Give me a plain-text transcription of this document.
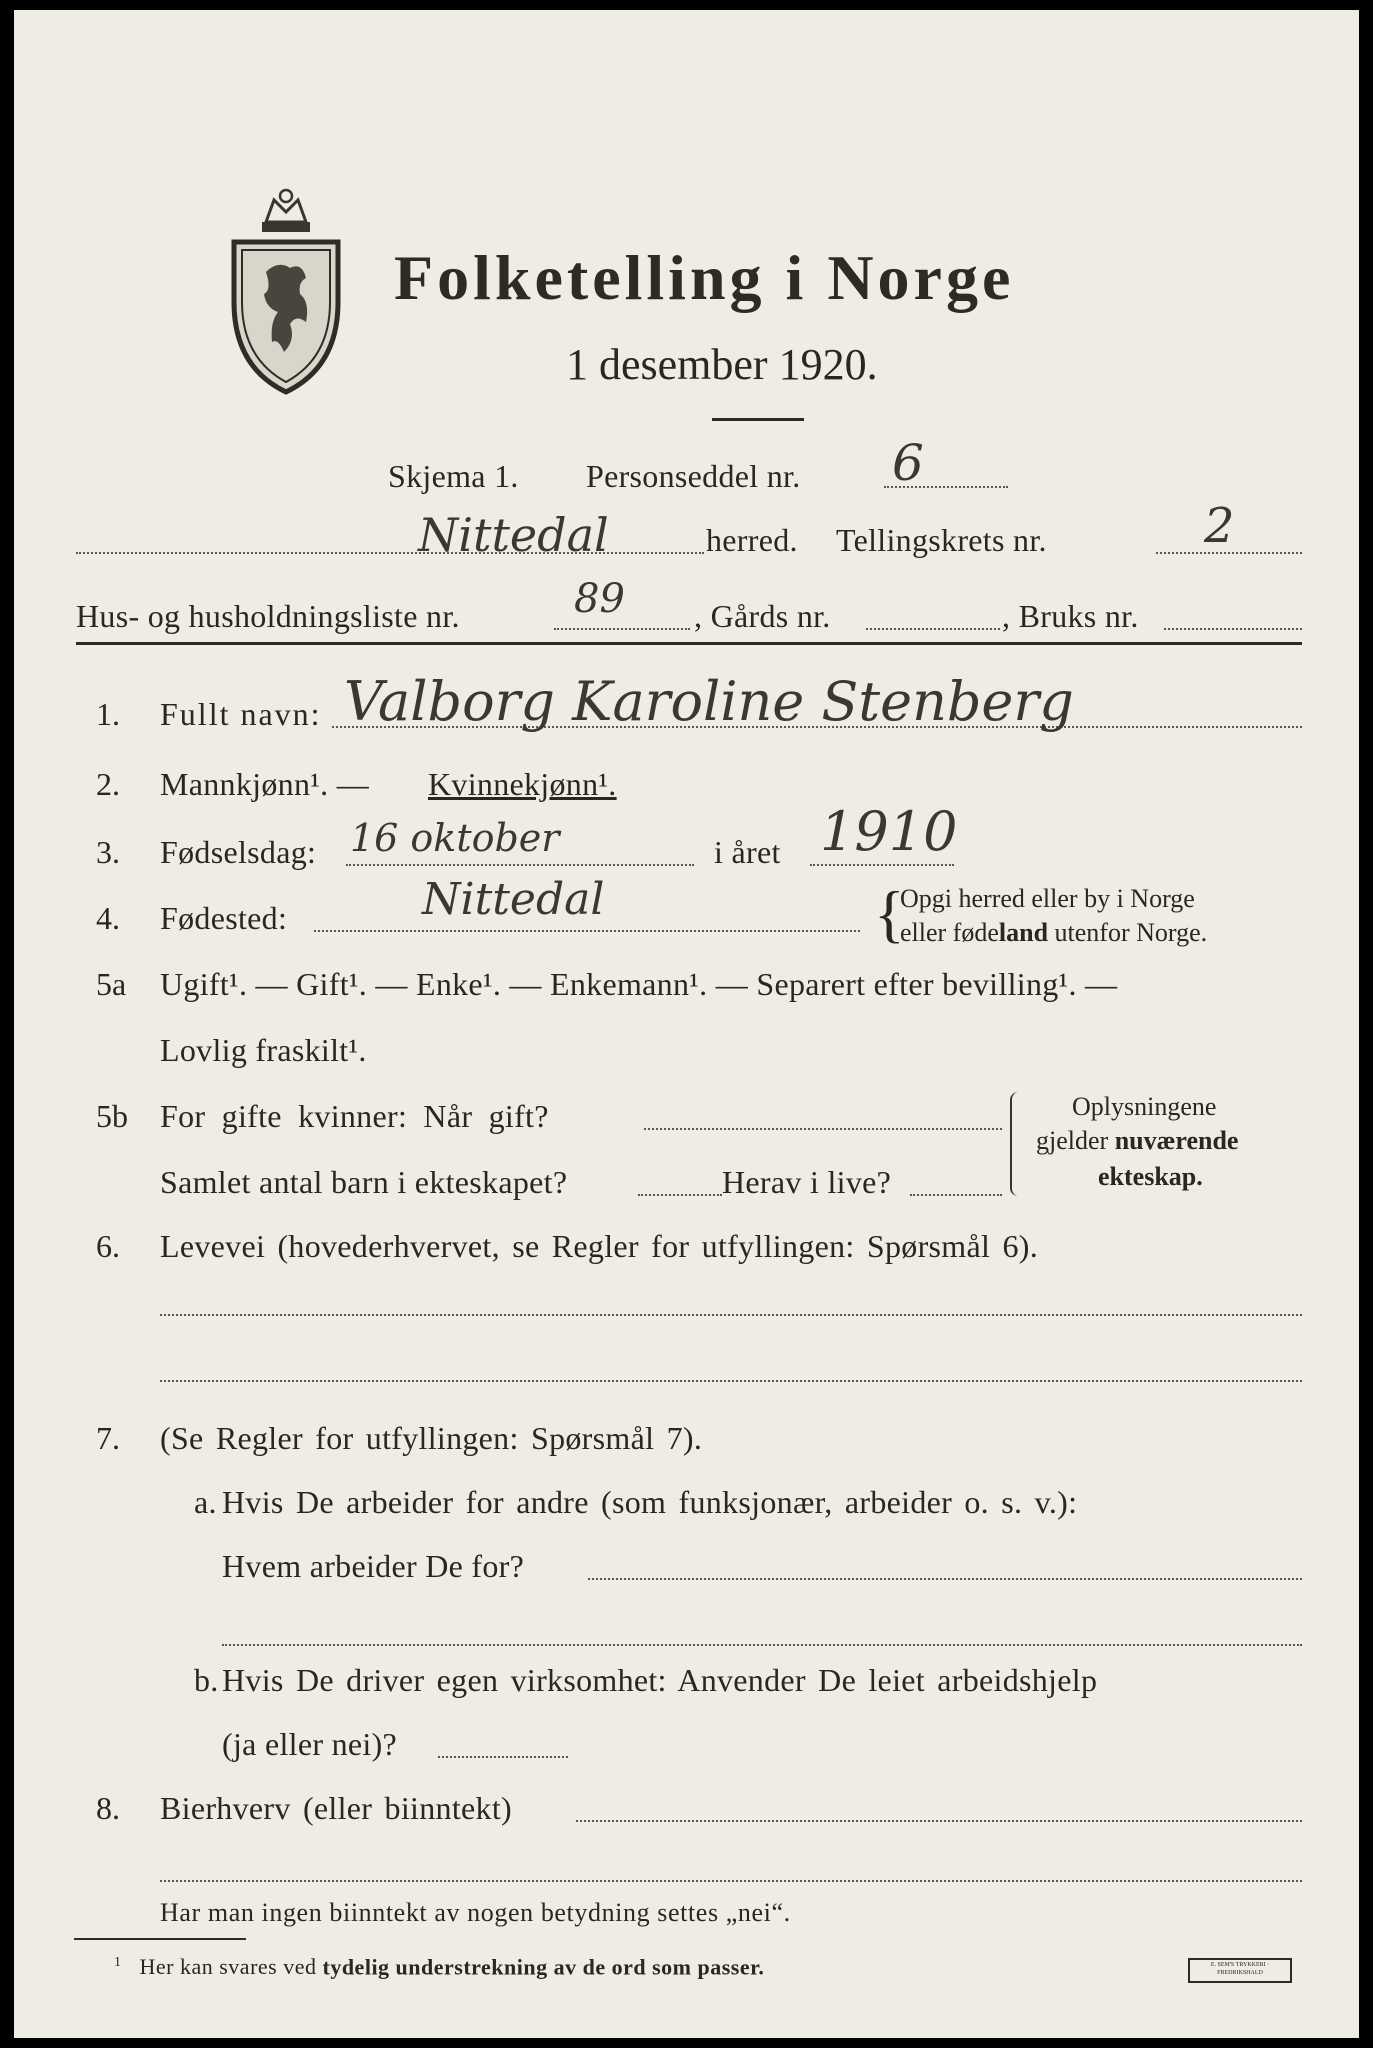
Folketelling i Norge
1 desember 1920.
Skjema 1. Personseddel nr. 6
Nittedal	herred. Tellingskrets nr.	2
Hus- og husholdningsliste nr.	89 , Gårds nr.	, Bruks nr.
1. Fullt navn: Valborg Karoline Stenberg
2. Mannkjønn¹. — Kvinnekjønn¹.
3. Fødselsdag: 16 oktober	i året 1910
4. Fødested:	Nittedal	{
Opgi herred eller by i Norge
eller fødeland utenfor Norge.
5a Ugift¹. — Gift¹. — Enke¹. — Enkemann¹. — Separert efter bevilling¹. —
Lovlig fraskilt¹.
5b For gifte kvinner: Når gift?
Samlet antal barn i ekteskapet?	Herav i live?
Oplysningene
gjelder nuværende
ekteskap.
6. Levevei (hovederhvervet, se Regler for utfyllingen: Spørsmål 6).
7. (Se Regler for utfyllingen: Spørsmål 7).
a. Hvis De arbeider for andre (som funksjonær, arbeider o. s. v.):
Hvem arbeider De for?
b. Hvis De driver egen virksomhet: Anvender De leiet arbeidshjelp
(ja eller nei)?
8. Bierhverv (eller biinntekt)
Har man ingen biinntekt av nogen betydning settes „nei“.
$^1$ Her kan svares ved tydelig understrekning av de ord som passer.	E. SEM'S TRYKKERI · FREDRIKSHALD
